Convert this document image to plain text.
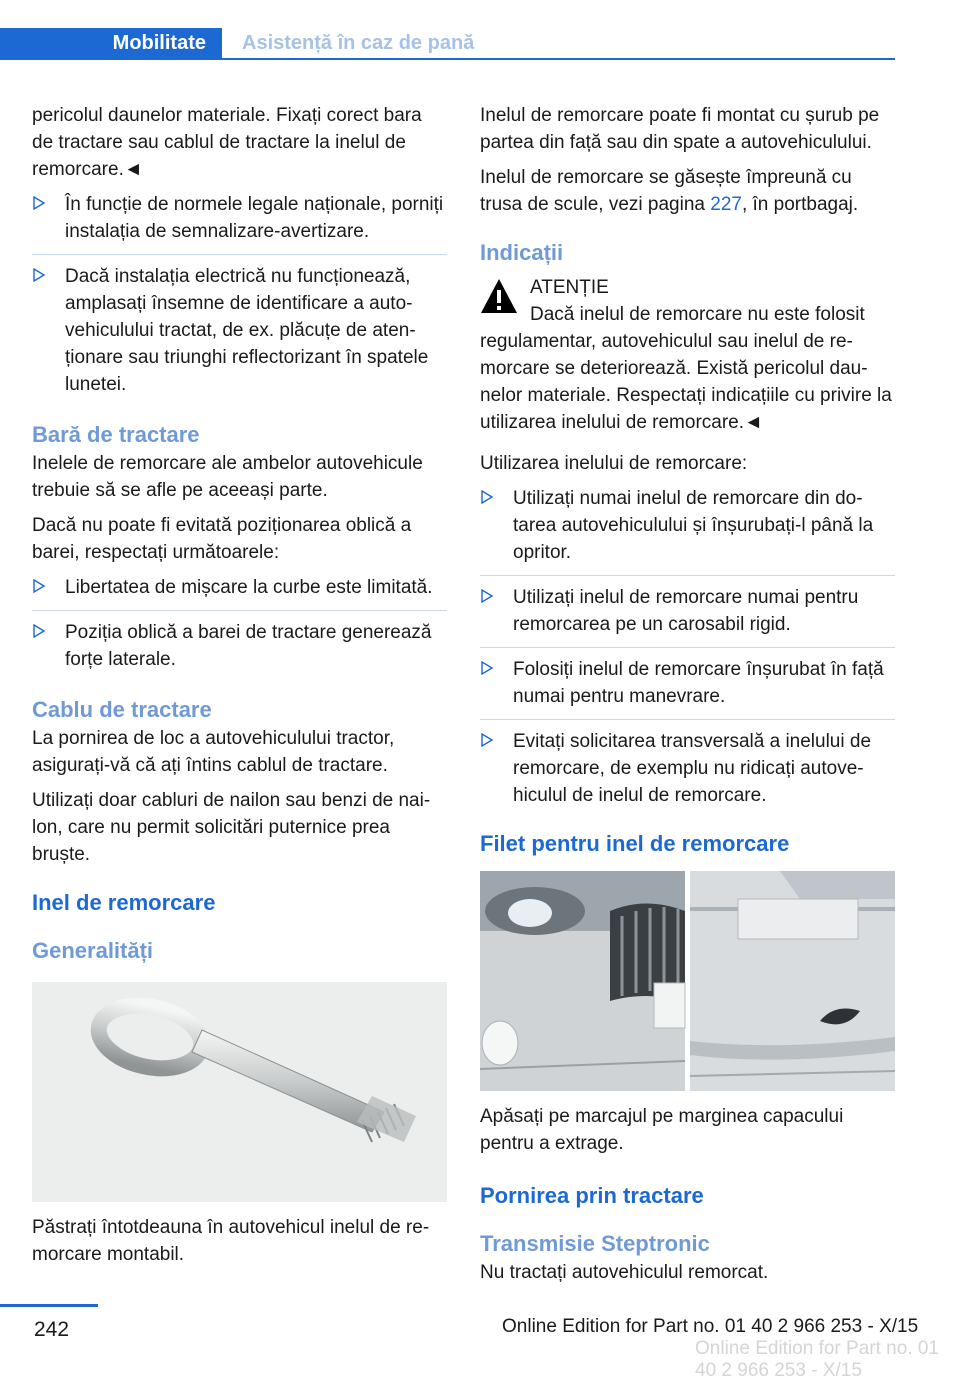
Mobilitate Asistență în caz de pană

pericolul daunelor materiale. Fixați corect bara de tractare sau cablul de tractare la inelul de remorcare.◄

În funcție de normele legale naționale, porniți instalația de semnalizare-avertizare.
Dacă instalația electrică nu funcționează, amplasați însemne de identificare a autovehiculului tractat, de ex. plăcuțe de atenționare sau triunghi reflectorizant în spatele lunetei.
Bară de tractare

Inelele de remorcare ale ambelor autovehicule trebuie să se afle pe aceeași parte.

Dacă nu poate fi evitată poziționarea oblică a barei, respectați următoarele:

Libertatea de mișcare la curbe este limitată.
Poziția oblică a barei de tractare generează forțe laterale.
Cablu de tractare

La pornirea de loc a autovehiculului tractor, asigurați-vă că ați întins cablul de tractare.

Utilizați doar cabluri de nailon sau benzi de nailon, care nu permit solicitări puternice prea bruște.

Inel de remorcare
Generalități

Păstrați întotdeauna în autovehicul inelul de remorcare montabil.

Inelul de remorcare poate fi montat cu șurub pe partea din față sau din spate a autovehiculului.

Inelul de remorcare se găsește împreună cu trusa de scule, vezi pagina 227, în portbagaj.

Indicații
ATENȚIE
Dacă inelul de remorcare nu este folosit

regulamentar, autovehiculul sau inelul de remorcare se deteriorează. Există pericolul daunelor materiale. Respectați indicațiile cu privire la utilizarea inelului de remorcare.◄

Utilizarea inelului de remorcare:

Utilizați numai inelul de remorcare din dotarea autovehiculului și înșurubați-l până la opritor.
Utilizați inelul de remorcare numai pentru remorcarea pe un carosabil rigid.
Folosiți inelul de remorcare înșurubat în față numai pentru manevrare.
Evitați solicitarea transversală a inelului de remorcare, de exemplu nu ridicați autovehiculul de inelul de remorcare.
Filet pentru inel de remorcare

Apăsați pe marcajul pe marginea capacului pentru a extrage.

Pornirea prin tractare
Transmisie Steptronic

Nu tractați autovehiculul remorcat.

242	Online Edition for Part no. 01 40 2 966 253 - X/15
Online Edition for Part no. 01 40 2 966 253 - X/15
